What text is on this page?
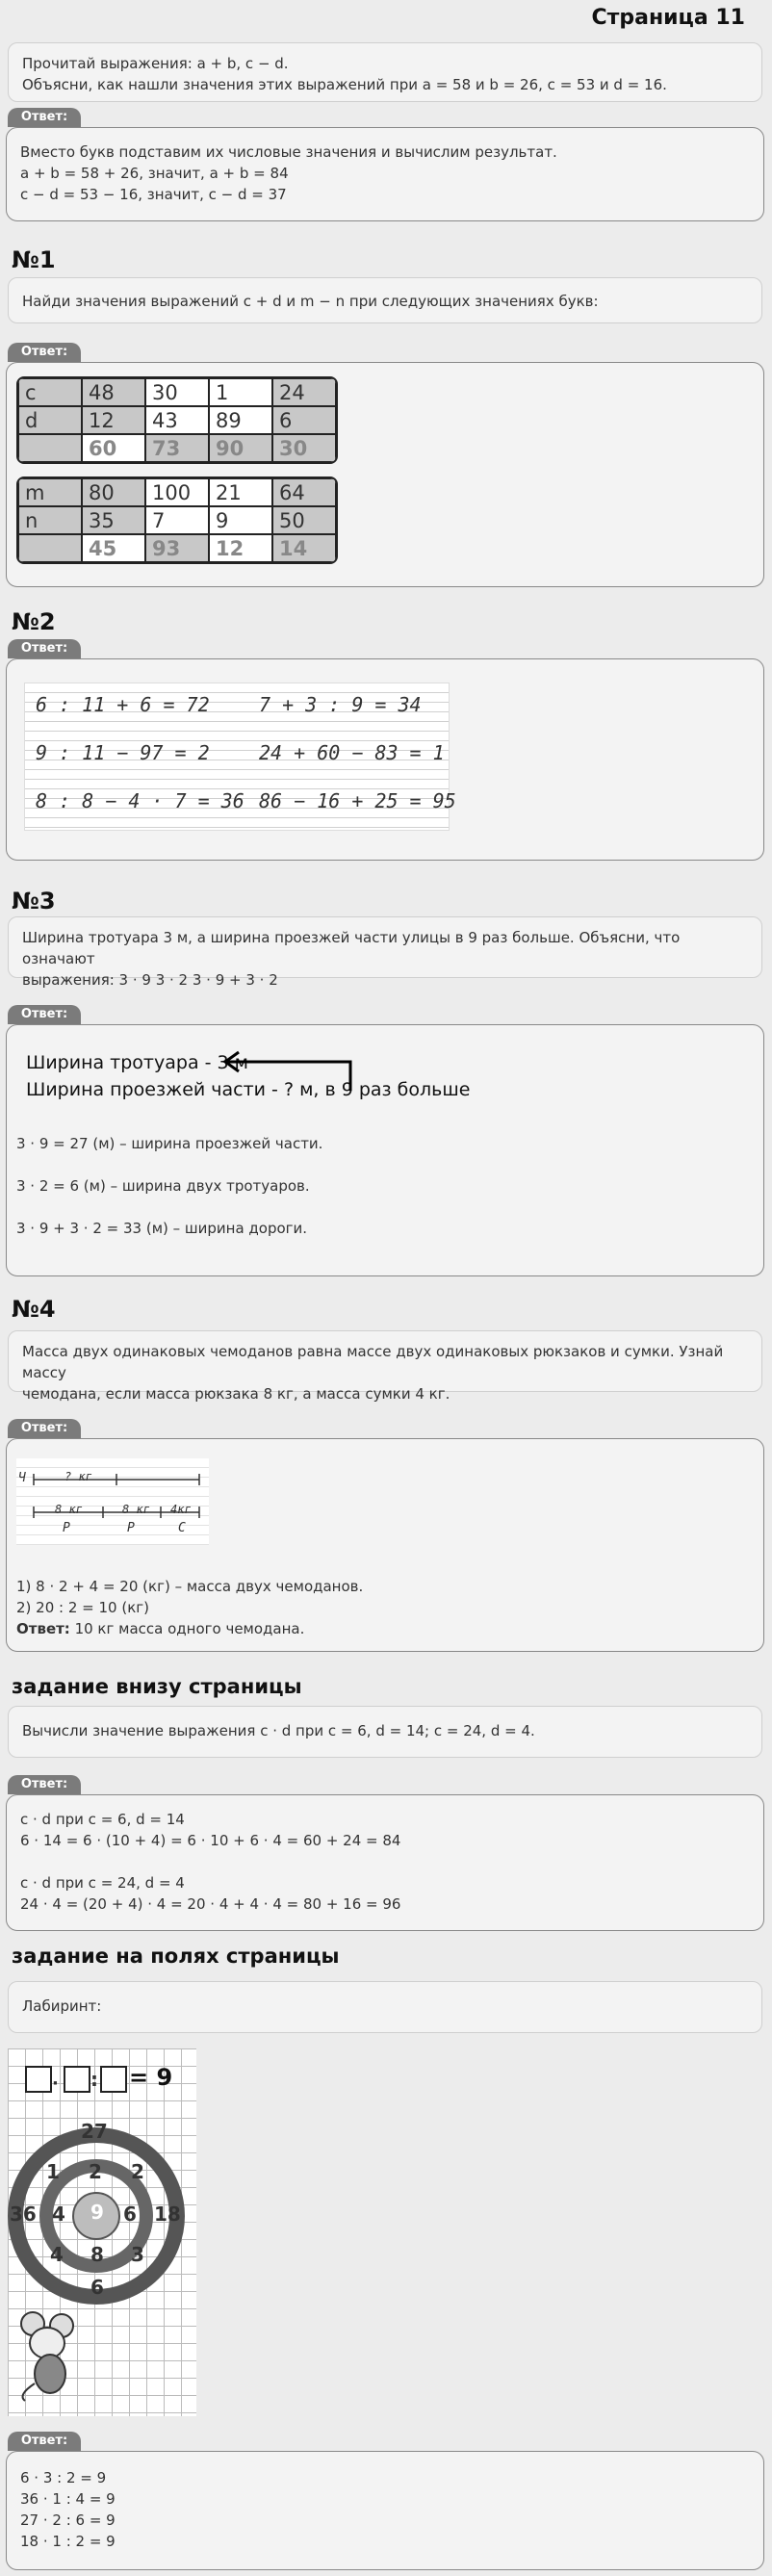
Страница 11
Прочитай выражения: a + b, c − d.
Объясни, как нашли значения этих выражений при a = 58 и b = 26, c = 53 и d = 16.
Ответ:
Вместо букв подставим их числовые значения и вычислим результат.
a + b = 58 + 26, значит, a + b = 84
c − d = 53 − 16, значит, c − d = 37
№1
Найди значения выражений c + d и m − n при следующих значениях букв:
Ответ:
c	48	30	1	24
d	12	43	89	6
	60	73	90	30
m	80	100	21	64
n	35	7	9	50
	45	93	12	14
№2
Ответ:
6 : 11 + 6 = 72
9 : 11 − 97 = 2
8 : 8 − 4 · 7 = 36
7 + 3 : 9 = 34
24 + 60 − 83 = 1
86 − 16 + 25 = 95
№3
Ширина тротуара 3 м, а ширина проезжей части улицы в 9 раз больше. Объясни, что означают
выражения: 3 · 9 3 · 2 3 · 9 + 3 · 2
Ответ:
Ширина тротуара - 3 м
Ширина проезжей части - ? м, в 9 раз больше
3 · 9 = 27 (м) – ширина проезжей части.
3 · 2 = 6 (м) – ширина двух тротуаров.
3 · 9 + 3 · 2 = 33 (м) – ширина дороги.
№4
Масса двух одинаковых чемоданов равна массе двух одинаковых рюкзаков и сумки. Узнай массу
чемодана, если масса рюкзака 8 кг, а масса сумки 4 кг.
Ответ:
Ч	? кг
8 кг	8 кг 4кг
Р	Р	С
1) 8 · 2 + 4 = 20 (кг) – масса двух чемоданов.
2) 20 : 2 = 10 (кг)
Ответ: 10 кг масса одного чемодана.
задание внизу страницы
Вычисли значение выражения c · d при c = 6, d = 14; c = 24, d = 4.
Ответ:
c · d при c = 6, d = 14
6 · 14 = 6 · (10 + 4) = 6 · 10 + 6 · 4 = 60 + 24 = 84
c · d при c = 24, d = 4
24 · 4 = (20 + 4) · 4 = 20 · 4 + 4 · 4 = 80 + 16 = 96
задание на полях страницы
Лабиринт:
· : = 9
27
1 2 2
36 4 9 6 18
4 8 3
6
Ответ:
6 · 3 : 2 = 9
36 · 1 : 4 = 9
27 · 2 : 6 = 9
18 · 1 : 2 = 9
